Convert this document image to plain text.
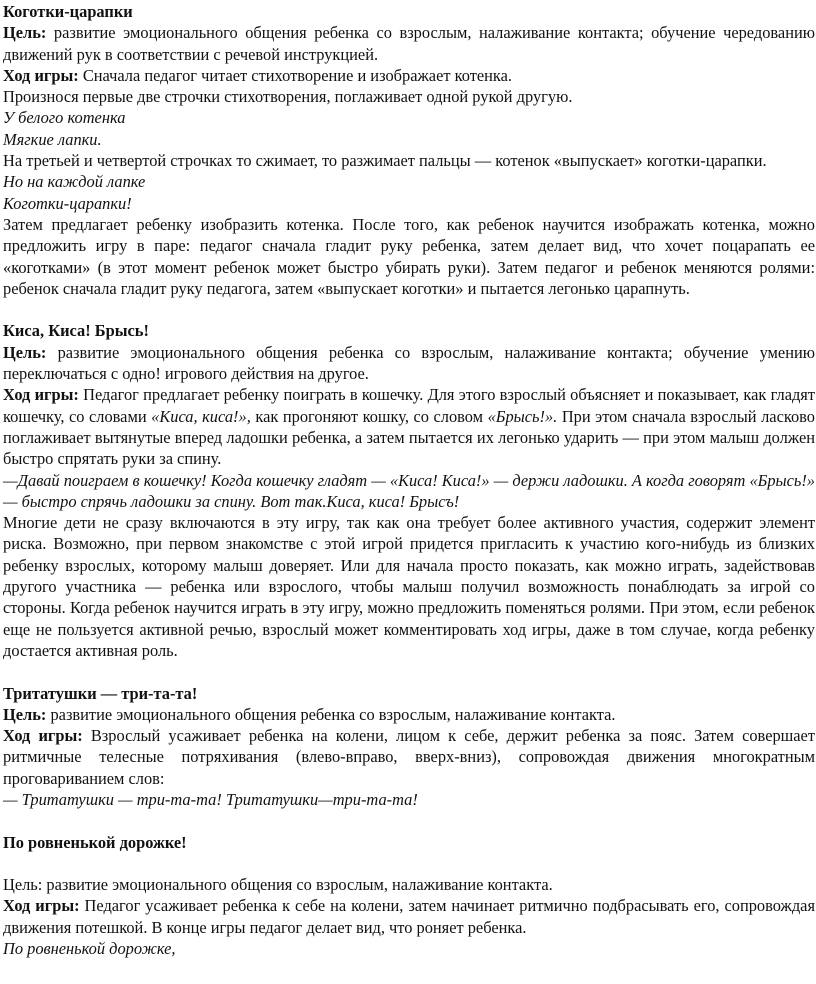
Коготки-царапки

Цель: развитие эмоционального общения ребенка со взрослым, налаживание контакта; обучение чередованию движений рук в соответствии с речевой инструкцией.

Ход игры: Сначала педагог читает стихотворение и изображает котенка.

Произнося первые две строчки стихотворения, поглаживает одной рукой другую.

У белого котенка

Мягкие лапки.

На третьей и четвертой строчках то сжимает, то разжимает пальцы — котенок «выпускает» коготки-царапки.

Но на каждой лапке

Коготки-царапки!

Затем предлагает ребенку изобразить котенка. После того, как ребенок научится изображать котенка, можно предложить игру в паре: педагог сначала гладит руку ребенка, затем делает вид, что хочет поцарапать ее «коготками» (в этот момент ребенок может быстро убирать руки). Затем педагог и ребенок меняются ролями: ребенок сначала гладит руку педагога, затем «выпускает коготки» и пытается легонько царапнуть.

Киса, Киса! Брысь!

Цель: развитие эмоционального общения ребенка со взрослым, налаживание контакта; обучение умению переключаться с одно! игрового действия на другое.

Ход игры: Педагог предлагает ребенку поиграть в кошечку. Для этого взрослый объясняет и показывает, как гладят кошечку, со словами «Киса, киса!», как прогоняют кошку, со словом «Брысь!». При этом сначала взрослый ласково поглаживает вытянутые вперед ладошки ребенка, а затем пытается их легонько ударить — при этом малыш должен быстро спрятать руки за спину.

—Давай поиграем в кошечку! Когда кошечку гладят — «Киса! Киса!» — держи ладошки. А когда говорят «Брысь!» — быстро спрячь ладошки за спину. Вот так.Киса, киса! Брысъ!

Многие дети не сразу включаются в эту игру, так как она требует более активного участия, содержит элемент риска. Возможно, при первом знакомстве с этой игрой придется пригласить к участию кого-нибудь из близких ребенку взрослых, которому малыш доверяет. Или для начала просто показать, как можно играть, задействовав другого участника — ребенка или взрослого, чтобы малыш получил возможность понаблюдать за игрой со стороны. Когда ребенок научится играть в эту игру, можно предложить поменяться ролями. При этом, если ребенок еще не пользуется активной речью, взрослый может комментировать ход игры, даже в том случае, когда ребенку достается активная роль.

Тритатушки — три-та-та!

Цель: развитие эмоционального общения ребенка со взрослым, налаживание контакта.

Ход игры: Взрослый усаживает ребенка на колени, лицом к себе, держит ребенка за пояс. Затем совершает ритмичные телесные потряхивания (влево-вправо, вверх-вниз), сопровождая движения многократным проговариванием слов:

— Тритатушки — три-та-та! Тритатушки—три-та-та!

По ровненькой дорожке!

Цель: развитие эмоционального общения со взрослым, налаживание контакта.

Ход игры: Педагог усаживает ребенка к себе на колени, затем начинает ритмично подбрасывать его, сопровождая движения потешкой. В конце игры педагог делает вид, что роняет ребенка.

По ровненькой дорожке,
